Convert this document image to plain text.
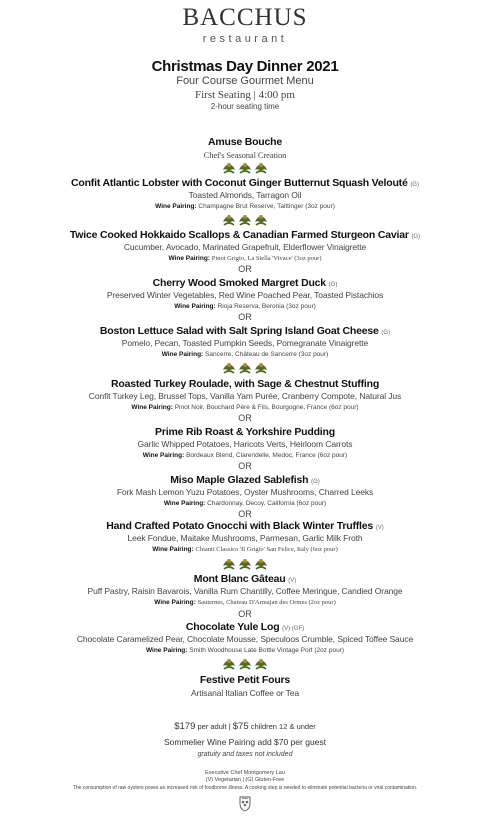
BACCHUS
restaurant
Christmas Day Dinner 2021
Four Course Gourmet Menu
First Seating | 4:00 pm
2-hour seating time
Amuse Bouche
Chef's Seasonal Creation
Confit Atlantic Lobster with Coconut Ginger Butternut Squash Velouté (G)
Toasted Almonds, Tarragon Oil
Wine Pairing: Champagne Brut Reserve, Taittinger (3oz pour)
Twice Cooked Hokkaido Scallops & Canadian Farmed Sturgeon Caviar (G)
Cucumber, Avocado, Marinated Grapefruit, Elderflower Vinaigrette
Wine Pairing: Pinot Grigio, La Stella 'Vivace' (3oz pour)
OR
Cherry Wood Smoked Margret Duck (G)
Preserved Winter Vegetables, Red Wine Poached Pear, Toasted Pistachios
Wine Pairing: Rioja Reserva, Beronia (3oz pour)
OR
Boston Lettuce Salad with Salt Spring Island Goat Cheese (G)
Pomelo, Pecan, Toasted Pumpkin Seeds, Pomegranate Vinaigrette
Wine Pairing: Sancerre, Château de Sancerre (3oz pour)
Roasted Turkey Roulade, with Sage & Chestnut Stuffing
Confit Turkey Leg, Brussel Tops, Vanilla Yam Purée, Cranberry Compote, Natural Jus
Wine Pairing: Pinot Noir, Bouchard Père & Fils, Bourgogne, France (6oz pour)
OR
Prime Rib Roast & Yorkshire Pudding
Garlic Whipped Potatoes, Haricots Verts, Heirloom Carrots
Wine Pairing: Bordeaux Blend, Clarendelle, Medoc, France (6oz pour)
OR
Miso Maple Glazed Sablefish (G)
Fork Mash Lemon Yuzu Potatoes, Oyster Mushrooms, Charred Leeks
Wine Pairing: Chardonnay, Decoy, California (6oz pour)
OR
Hand Crafted Potato Gnocchi with Black Winter Truffles (V)
Leek Fondue, Maitake Mushrooms, Parmesan, Garlic Milk Froth
Wine Pairing: Chianti Classico 'Il Grigio' San Felice, Italy (6oz pour)
Mont Blanc Gâteau (V)
Puff Pastry, Raisin Bavarois, Vanilla Rum Chantilly, Coffee Meringue, Candied Orange
Wine Pairing: Sauternes, Chateau D'Armajan des Ormes (2oz pour)
OR
Chocolate Yule Log (V) (GF)
Chocolate Caramelized Pear, Chocolate Mousse, Speculoos Crumble, Spiced Toffee Sauce
Wine Pairing: Smith Woodhouse Late Bottle Vintage Port (2oz pour)
Festive Petit Fours
Artisanal Italian Coffee or Tea
$179 per adult | $75 children 12 & under
Sommelier Wine Pairing add $70 per guest
gratuity and taxes not included
Executive Chef Montgomery Lau
(V) Vegetarian | (G) Gluten-Free
The consumption of raw oysters poses an increased risk of foodborne illness. A cooking step is needed to eliminate potential bacteria or viral contamination.
